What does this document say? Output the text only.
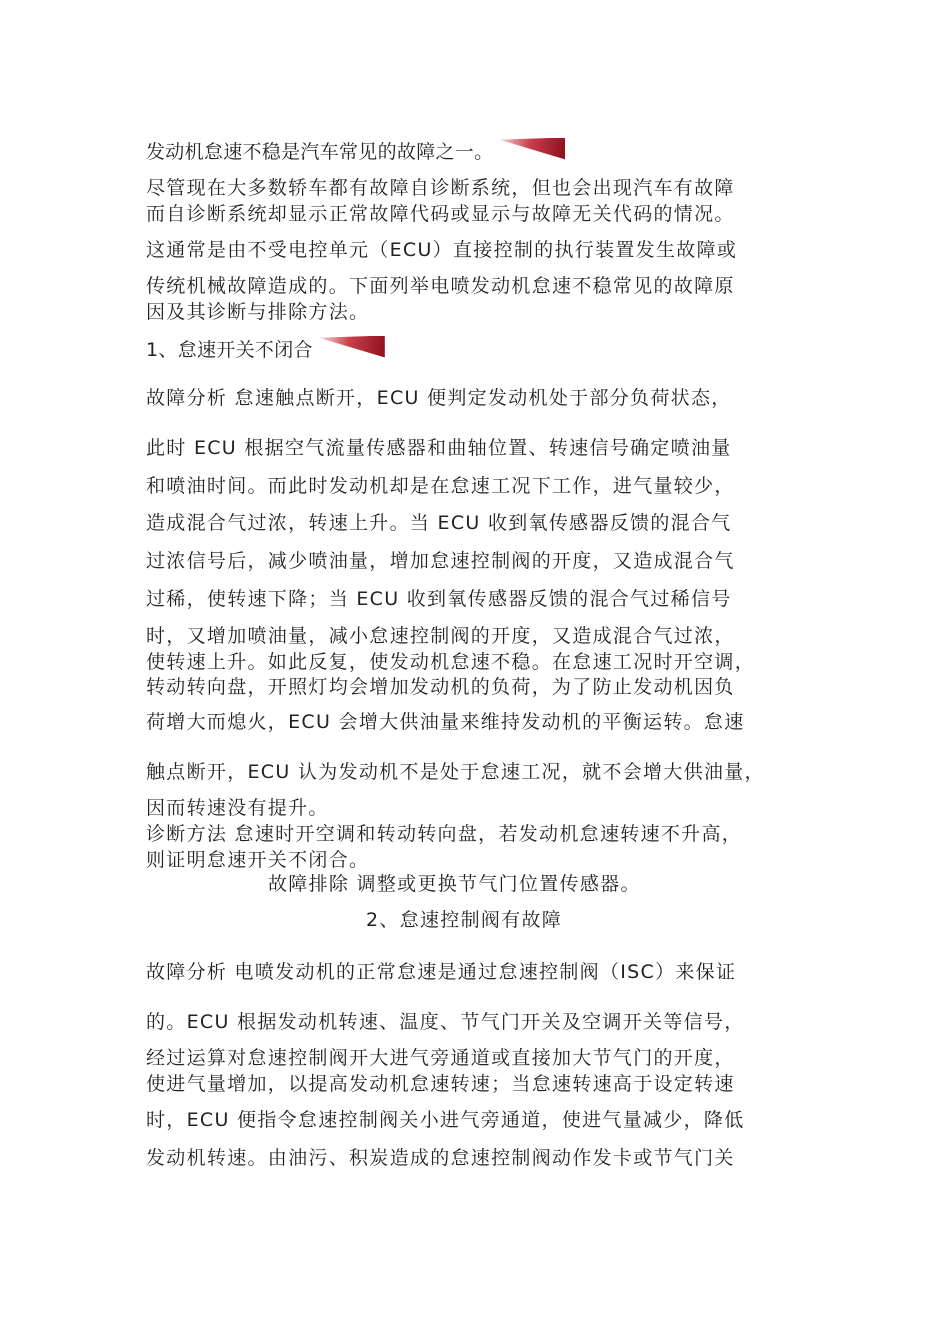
发动机怠速不稳是汽车常见的故障之一。
尽管现在大多数轿车都有故障自诊断系统，但也会出现汽车有故障
而自诊断系统却显示正常故障代码或显示与故障无关代码的情况。
这通常是由不受电控单元（ECU）直接控制的执行装置发生故障或
传统机械故障造成的。下面列举电喷发动机怠速不稳常见的故障原
因及其诊断与排除方法。
1、怠速开关不闭合
故障分析 怠速触点断开，ECU 便判定发动机处于部分负荷状态，
此时 ECU 根据空气流量传感器和曲轴位置、转速信号确定喷油量
和喷油时间。而此时发动机却是在怠速工况下工作，进气量较少，
造成混合气过浓，转速上升。当 ECU 收到氧传感器反馈的混合气
过浓信号后，减少喷油量，增加怠速控制阀的开度，又造成混合气
过稀，使转速下降；当 ECU 收到氧传感器反馈的混合气过稀信号
时，又增加喷油量，减小怠速控制阀的开度，又造成混合气过浓，
使转速上升。如此反复，使发动机怠速不稳。在怠速工况时开空调，
转动转向盘，开照灯均会增加发动机的负荷，为了防止发动机因负
荷增大而熄火，ECU 会增大供油量来维持发动机的平衡运转。怠速
触点断开，ECU 认为发动机不是处于怠速工况，就不会增大供油量，
因而转速没有提升。
诊断方法 怠速时开空调和转动转向盘，若发动机怠速转速不升高，
则证明怠速开关不闭合。
故障排除 调整或更换节气门位置传感器。
2、怠速控制阀有故障
故障分析 电喷发动机的正常怠速是通过怠速控制阀（ISC）来保证
的。ECU 根据发动机转速、温度、节气门开关及空调开关等信号，
经过运算对怠速控制阀开大进气旁通道或直接加大节气门的开度，
使进气量增加，以提高发动机怠速转速；当怠速转速高于设定转速
时，ECU 便指令怠速控制阀关小进气旁通道，使进气量减少，降低
发动机转速。由油污、积炭造成的怠速控制阀动作发卡或节气门关
